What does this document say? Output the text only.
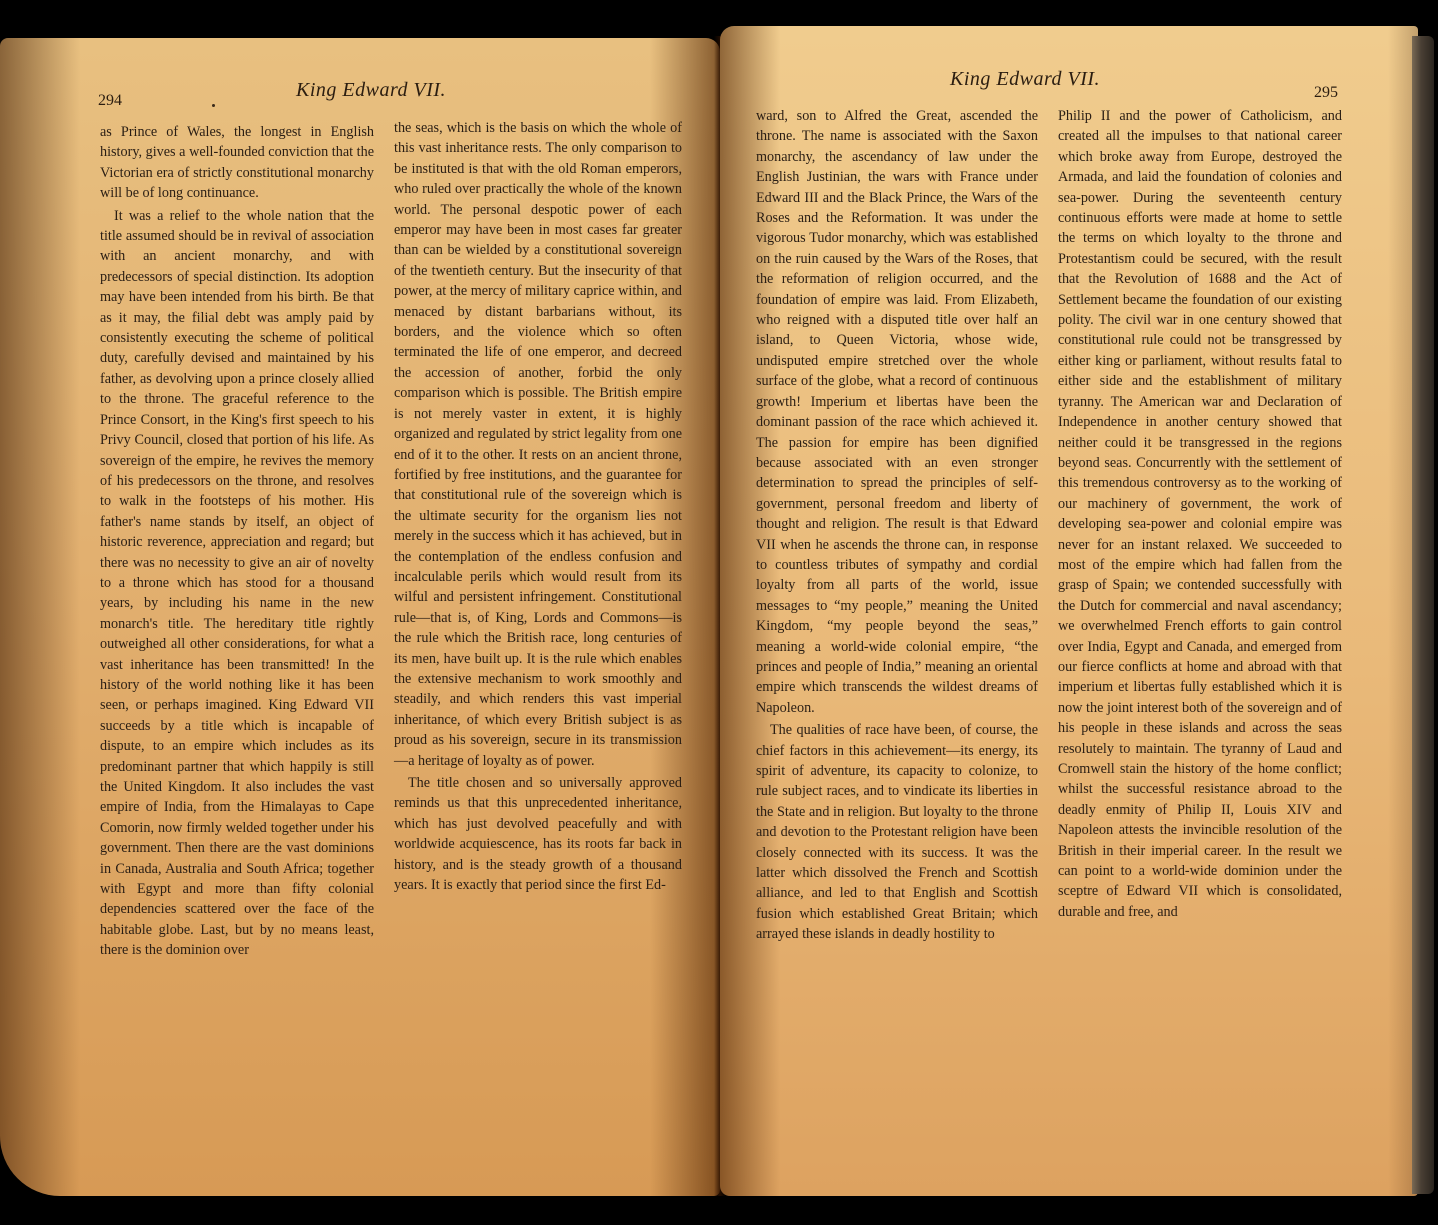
294	King Edward VII.

as Prince of Wales, the longest in English history, gives a well-founded conviction that the Victorian era of strictly constitutional monarchy will be of long continuance.

It was a relief to the whole nation that the title assumed should be in revival of association with an ancient monarchy, and with predecessors of special distinction. Its adoption may have been intended from his birth. Be that as it may, the filial debt was amply paid by consistently executing the scheme of political duty, carefully devised and maintained by his father, as devolving upon a prince closely allied to the throne. The graceful reference to the Prince Consort, in the King's first speech to his Privy Council, closed that portion of his life. As sovereign of the empire, he revives the memory of his predecessors on the throne, and resolves to walk in the footsteps of his mother. His father's name stands by itself, an object of historic reverence, appreciation and regard; but there was no necessity to give an air of novelty to a throne which has stood for a thousand years, by including his name in the new monarch's title. The hereditary title rightly outweighed all other considerations, for what a vast inheritance has been transmitted! In the history of the world nothing like it has been seen, or perhaps imagined. King Edward VII succeeds by a title which is incapable of dispute, to an empire which includes as its predominant partner that which happily is still the United Kingdom. It also includes the vast empire of India, from the Himalayas to Cape Comorin, now firmly welded together under his government. Then there are the vast dominions in Canada, Australia and South Africa; together with Egypt and more than fifty colonial dependencies scattered over the face of the habitable globe. Last, but by no means least, there is the dominion over

the seas, which is the basis on which the whole of this vast inheritance rests. The only comparison to be instituted is that with the old Roman emperors, who ruled over practically the whole of the known world. The personal despotic power of each emperor may have been in most cases far greater than can be wielded by a constitutional sovereign of the twentieth century. But the insecurity of that power, at the mercy of military caprice within, and menaced by distant barbarians without, its borders, and the violence which so often terminated the life of one emperor, and decreed the accession of another, forbid the only comparison which is possible. The British empire is not merely vaster in extent, it is highly organized and regulated by strict legality from one end of it to the other. It rests on an ancient throne, fortified by free institutions, and the guarantee for that constitutional rule of the sovereign which is the ultimate security for the organism lies not merely in the success which it has achieved, but in the contemplation of the endless confusion and incalculable perils which would result from its wilful and persistent infringement. Constitutional rule—that is, of King, Lords and Commons—is the rule which the British race, long centuries of its men, have built up. It is the rule which enables the extensive mechanism to work smoothly and steadily, and which renders this vast imperial inheritance, of which every British subject is as proud as his sovereign, secure in its transmission—a heritage of loyalty as of power.

The title chosen and so universally approved reminds us that this unprecedented inheritance, which has just devolved peacefully and with worldwide acquiescence, has its roots far back in history, and is the steady growth of a thousand years. It is exactly that period since the first Ed-

King Edward VII.
295

ward, son to Alfred the Great, ascended the throne. The name is associated with the Saxon monarchy, the ascendancy of law under the English Justinian, the wars with France under Edward III and the Black Prince, the Wars of the Roses and the Reformation. It was under the vigorous Tudor monarchy, which was established on the ruin caused by the Wars of the Roses, that the reformation of religion occurred, and the foundation of empire was laid. From Elizabeth, who reigned with a disputed title over half an island, to Queen Victoria, whose wide, undisputed empire stretched over the whole surface of the globe, what a record of continuous growth! Imperium et libertas have been the dominant passion of the race which achieved it. The passion for empire has been dignified because associated with an even stronger determination to spread the principles of self-government, personal freedom and liberty of thought and religion. The result is that Edward VII when he ascends the throne can, in response to countless tributes of sympathy and cordial loyalty from all parts of the world, issue messages to “my people,” meaning the United Kingdom, “my people beyond the seas,” meaning a world-wide colonial empire, “the princes and people of India,” meaning an oriental empire which transcends the wildest dreams of Napoleon.

The qualities of race have been, of course, the chief factors in this achievement—its energy, its spirit of adventure, its capacity to colonize, to rule subject races, and to vindicate its liberties in the State and in religion. But loyalty to the throne and devotion to the Protestant religion have been closely connected with its success. It was the latter which dissolved the French and Scottish alliance, and led to that English and Scottish fusion which established Great Britain; which arrayed these islands in deadly hostility to

Philip II and the power of Catholicism, and created all the impulses to that national career which broke away from Europe, destroyed the Armada, and laid the foundation of colonies and sea-power. During the seventeenth century continuous efforts were made at home to settle the terms on which loyalty to the throne and Protestantism could be secured, with the result that the Revolution of 1688 and the Act of Settlement became the foundation of our existing polity. The civil war in one century showed that constitutional rule could not be transgressed by either king or parliament, without results fatal to either side and the establishment of military tyranny. The American war and Declaration of Independence in another century showed that neither could it be transgressed in the regions beyond seas. Concurrently with the settlement of this tremendous controversy as to the working of our machinery of government, the work of developing sea-power and colonial empire was never for an instant relaxed. We succeeded to most of the empire which had fallen from the grasp of Spain; we contended successfully with the Dutch for commercial and naval ascendancy; we overwhelmed French efforts to gain control over India, Egypt and Canada, and emerged from our fierce conflicts at home and abroad with that imperium et libertas fully established which it is now the joint interest both of the sovereign and of his people in these islands and across the seas resolutely to maintain. The tyranny of Laud and Cromwell stain the history of the home conflict; whilst the successful resistance abroad to the deadly enmity of Philip II, Louis XIV and Napoleon attests the invincible resolution of the British in their imperial career. In the result we can point to a world-wide dominion under the sceptre of Edward VII which is consolidated, durable and free, and
